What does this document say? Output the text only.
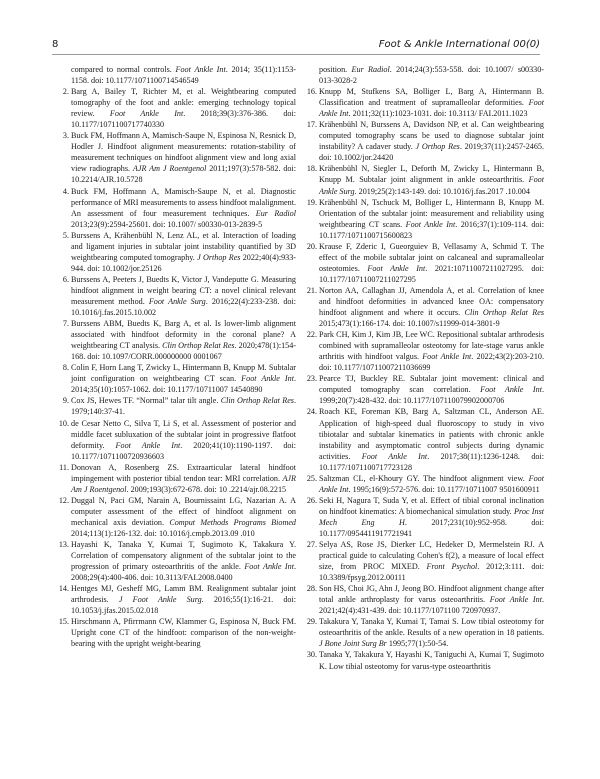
8	Foot & Ankle International 00(0)

compared to normal controls. Foot Ankle Int. 2014; 35(11):1153-1158. doi: 10.1177/1071100714546549

2. Barg A, Bailey T, Richter M, et al. Weightbearing computed tomography of the foot and ankle: emerging technology topical review. Foot Ankle Int. 2018;39(3):376-386. doi: 10.1177/1071100717740330

3. Buck FM, Hoffmann A, Mamisch-Saupe N, Espinosa N, Resnick D, Hodler J. Hindfoot alignment measurements: rotation-stability of measurement techniques on hindfoot alignment view and long axial view radiographs. AJR Am J Roentgenol 2011;197(3):578-582. doi: 10.2214/AJR.10.5728

4. Buck FM, Hoffmann A, Mamisch-Saupe N, et al. Diagnostic performance of MRI measurements to assess hindfoot malalignment. An assessment of four measurement techniques. Eur Radiol 2013;23(9):2594-25601. doi: 10.1007/ s00330-013-2839-5

5. Burssens A, Krähenbühl N, Lenz AL, et al. Interaction of loading and ligament injuries in subtalar joint instability quantified by 3D weightbearing computed tomography. J Orthop Res 2022;40(4):933-944. doi: 10.1002/jor.25126

6. Burssens A, Peeters J, Buedts K, Victor J, Vandeputte G. Measuring hindfoot alignment in weight bearing CT: a novel clinical relevant measurement method. Foot Ankle Surg. 2016;22(4):233-238. doi: 10.1016/j.fas.2015.10.002

7. Burssens ABM, Buedts K, Barg A, et al. Is lower-limb alignment associated with hindfoot deformity in the coronal plane? A weightbearing CT analysis. Clin Orthop Relat Res. 2020;478(1):154-168. doi: 10.1097/CORR.000000000 0001067

8. Colin F, Horn Lang T, Zwicky L, Hintermann B, Knupp M. Subtalar joint configuration on weightbearing CT scan. Foot Ankle Int. 2014;35(10):1057-1062. doi: 10.1177/10711007 14540890

9. Cox JS, Hewes TF. “Normal” talar tilt angle. Clin Orthop Relat Res. 1979;140:37-41.

10. de Cesar Netto C, Silva T, Li S, et al. Assessment of posterior and middle facet subluxation of the subtalar joint in progressive flatfoot deformity. Foot Ankle Int. 2020;41(10):1190-1197. doi: 10.1177/1071100720936603

11. Donovan A, Rosenberg ZS. Extraarticular lateral hindfoot impingement with posterior tibial tendon tear: MRI correlation. AJR Am J Roentgenol. 2009;193(3):672-678. doi: 10 .2214/ajr.08.2215

12. Duggal N, Paci GM, Narain A, Bournissaint LG, Nazarian A. A computer assessment of the effect of hindfoot alignment on mechanical axis deviation. Comput Methods Programs Biomed 2014;113(1):126-132. doi: 10.1016/j.cmpb.2013.09 .010

13. Hayashi K, Tanaka Y, Kumai T, Sugimoto K, Takakura Y. Correlation of compensatory alignment of the subtalar joint to the progression of primary osteoarthritis of the ankle. Foot Ankle Int. 2008;29(4):400-406. doi: 10.3113/FAI.2008.0400

14. Hentges MJ, Gesheff MG, Lamm BM. Realignment subtalar joint arthrodesis. J Foot Ankle Surg. 2016;55(1):16-21. doi: 10.1053/j.jfas.2015.02.018

15. Hirschmann A, Pfirrmann CW, Klammer G, Espinosa N, Buck FM. Upright cone CT of the hindfoot: comparison of the non-weight-bearing with the upright weight-bearing

position. Eur Radiol. 2014;24(3):553-558. doi: 10.1007/ s00330-013-3028-2

16. Knupp M, Stufkens SA, Bolliger L, Barg A, Hintermann B. Classification and treatment of supramalleolar deformities. Foot Ankle Int. 2011;32(11):1023-1031. doi: 10.3113/ FAI.2011.1023

17. Krähenbühl N, Burssens A, Davidson NP, et al. Can weightbearing computed tomography scans be used to diagnose subtalar joint instability? A cadaver study. J Orthop Res. 2019;37(11):2457-2465. doi: 10.1002/jor.24420

18. Krähenbühl N, Siegler L, Deforth M, Zwicky L, Hintermann B, Knupp M. Subtalar joint alignment in ankle osteoarthritis. Foot Ankle Surg. 2019;25(2):143-149. doi: 10.1016/j.fas.2017 .10.004

19. Krähenbühl N, Tschuck M, Bolliger L, Hintermann B, Knupp M. Orientation of the subtalar joint: measurement and reliability using weightbearing CT scans. Foot Ankle Int. 2016;37(1):109-114. doi: 10.1177/1071100715600823

20. Krause F, Zderic I, Gueorguiev B, Vellasamy A, Schmid T. The effect of the mobile subtalar joint on calcaneal and supramalleolar osteotomies. Foot Ankle Int. 2021:10711007211027295. doi: 10.1177/10711007211027295

21. Norton AA, Callaghan JJ, Amendola A, et al. Correlation of knee and hindfoot deformities in advanced knee OA: compensatory hindfoot alignment and where it occurs. Clin Orthop Relat Res 2015;473(1):166-174. doi: 10.1007/s11999-014-3801-9

22. Park CH, Kim J, Kim JB, Lee WC. Repositional subtalar arthrodesis combined with supramalleolar osteotomy for late-stage varus ankle arthritis with hindfoot valgus. Foot Ankle Int. 2022;43(2):203-210. doi: 10.1177/10711007211036699

23. Pearce TJ, Buckley RE. Subtalar joint movement: clinical and computed tomography scan correlation. Foot Ankle Int. 1999;20(7):428-432. doi: 10.1177/107110079902000706

24. Roach KE, Foreman KB, Barg A, Saltzman CL, Anderson AE. Application of high-speed dual fluoroscopy to study in vivo tibiotalar and subtalar kinematics in patients with chronic ankle instability and asymptomatic control subjects during dynamic activities. Foot Ankle Int. 2017;38(11):1236-1248. doi: 10.1177/1071100717723128

25. Saltzman CL, el-Khoury GY. The hindfoot alignment view. Foot Ankle Int. 1995;16(9):572-576. doi: 10.1177/10711007 9501600911

26. Seki H, Nagura T, Suda Y, et al. Effect of tibial coronal inclination on hindfoot kinematics: A biomechanical simulation study. Proc Inst Mech Eng H. 2017;231(10):952-958. doi: 10.1177/0954411917721941

27. Selya AS, Rose JS, Dierker LC, Hedeker D, Mermelstein RJ. A practical guide to calculating Cohen's f(2), a measure of local effect size, from PROC MIXED. Front Psychol. 2012;3:111. doi: 10.3389/fpsyg.2012.00111

28. Son HS, Choi JG, Ahn J, Jeong BO. Hindfoot alignment change after total ankle arthroplasty for varus osteoarthritis. Foot Ankle Int. 2021;42(4):431-439. doi: 10.1177/1071100 720970937.

29. Takakura Y, Tanaka Y, Kumai T, Tamai S. Low tibial osteotomy for osteoarthritis of the ankle. Results of a new operation in 18 patients. J Bone Joint Surg Br 1995;77(1):50-54.

30. Tanaka Y, Takakura Y, Hayashi K, Taniguchi A, Kumai T, Sugimoto K. Low tibial osteotomy for varus-type osteoarthritis
